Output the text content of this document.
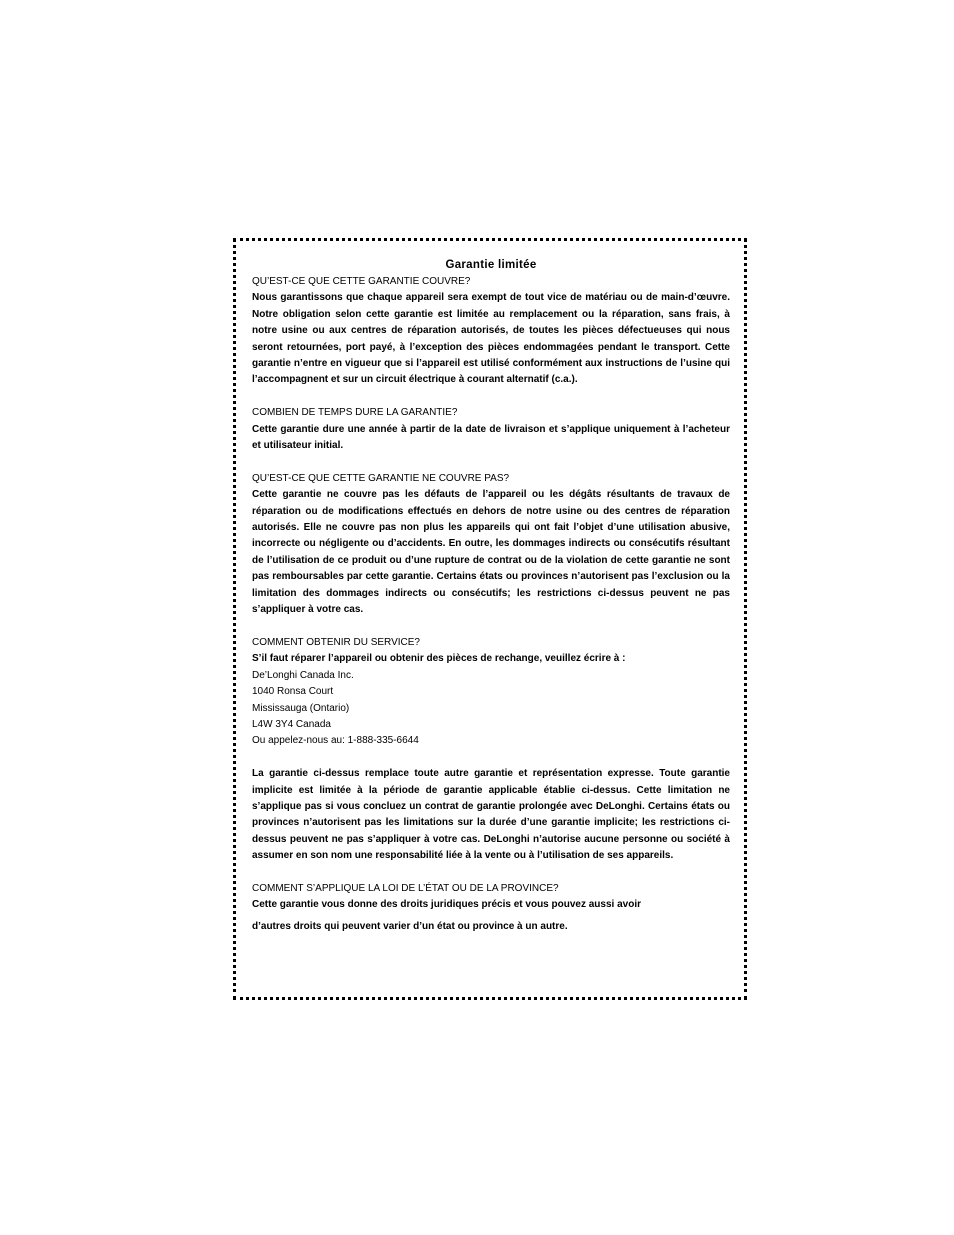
Garantie limitée
QU’EST-CE QUE CETTE GARANTIE COUVRE?
Nous garantissons que chaque appareil sera exempt de tout vice de matériau ou de main-d’œuvre. Notre obligation selon cette garantie est limitée au remplacement ou la réparation, sans frais, à notre usine ou aux centres de réparation autorisés, de toutes les pièces défectueuses qui nous seront retournées, port payé, à l’exception des pièces endommagées pendant le transport. Cette garantie n’entre en vigueur que si l’appareil est utilisé conformément aux instructions de l’usine qui l’accompagnent et sur un circuit électrique à courant alternatif (c.a.).
COMBIEN DE TEMPS DURE LA GARANTIE?
Cette garantie dure une année à partir de la date de livraison et s’applique uniquement à l’acheteur et utilisateur initial.
QU’EST-CE QUE CETTE GARANTIE NE COUVRE PAS?
Cette garantie ne couvre pas les défauts de l’appareil ou les dégâts résultants de travaux de réparation ou de modifications effectués en dehors de notre usine ou des centres de réparation autorisés. Elle ne couvre pas non plus les appareils qui ont fait l’objet d’une utilisation abusive, incorrecte ou négligente ou d’accidents. En outre, les dommages indirects ou consécutifs résultant de l’utilisation de ce produit ou d’une rupture de contrat ou de la violation de cette garantie ne sont pas remboursables par cette garantie. Certains états ou provinces n’autorisent pas l’exclusion ou la limitation des dommages indirects ou consécutifs; les restrictions ci-dessus peuvent ne pas s’appliquer à votre cas.
COMMENT OBTENIR DU SERVICE?
S’il faut réparer l’appareil ou obtenir des pièces de rechange, veuillez écrire à :
De’Longhi Canada Inc.
1040 Ronsa Court
Mississauga (Ontario)
L4W 3Y4 Canada
Ou appelez-nous au: 1-888-335-6644
La garantie ci-dessus remplace toute autre garantie et représentation expresse. Toute garantie implicite est limitée à la période de garantie applicable établie ci-dessus. Cette limitation ne s’applique pas si vous concluez un contrat de garantie prolongée avec DeLonghi. Certains états ou provinces n’autorisent pas les limitations sur la durée d’une garantie implicite; les restrictions ci-dessus peuvent ne pas s’appliquer à votre cas. DeLonghi n’autorise aucune personne ou société à assumer en son nom une responsabilité liée à la vente ou à l’utilisation de ses appareils.
COMMENT S’APPLIQUE LA LOI DE L’ÉTAT OU DE LA PROVINCE?
Cette garantie vous donne des droits juridiques précis et vous pouvez aussi avoir
d’autres droits qui peuvent varier d’un état ou province à un autre.
